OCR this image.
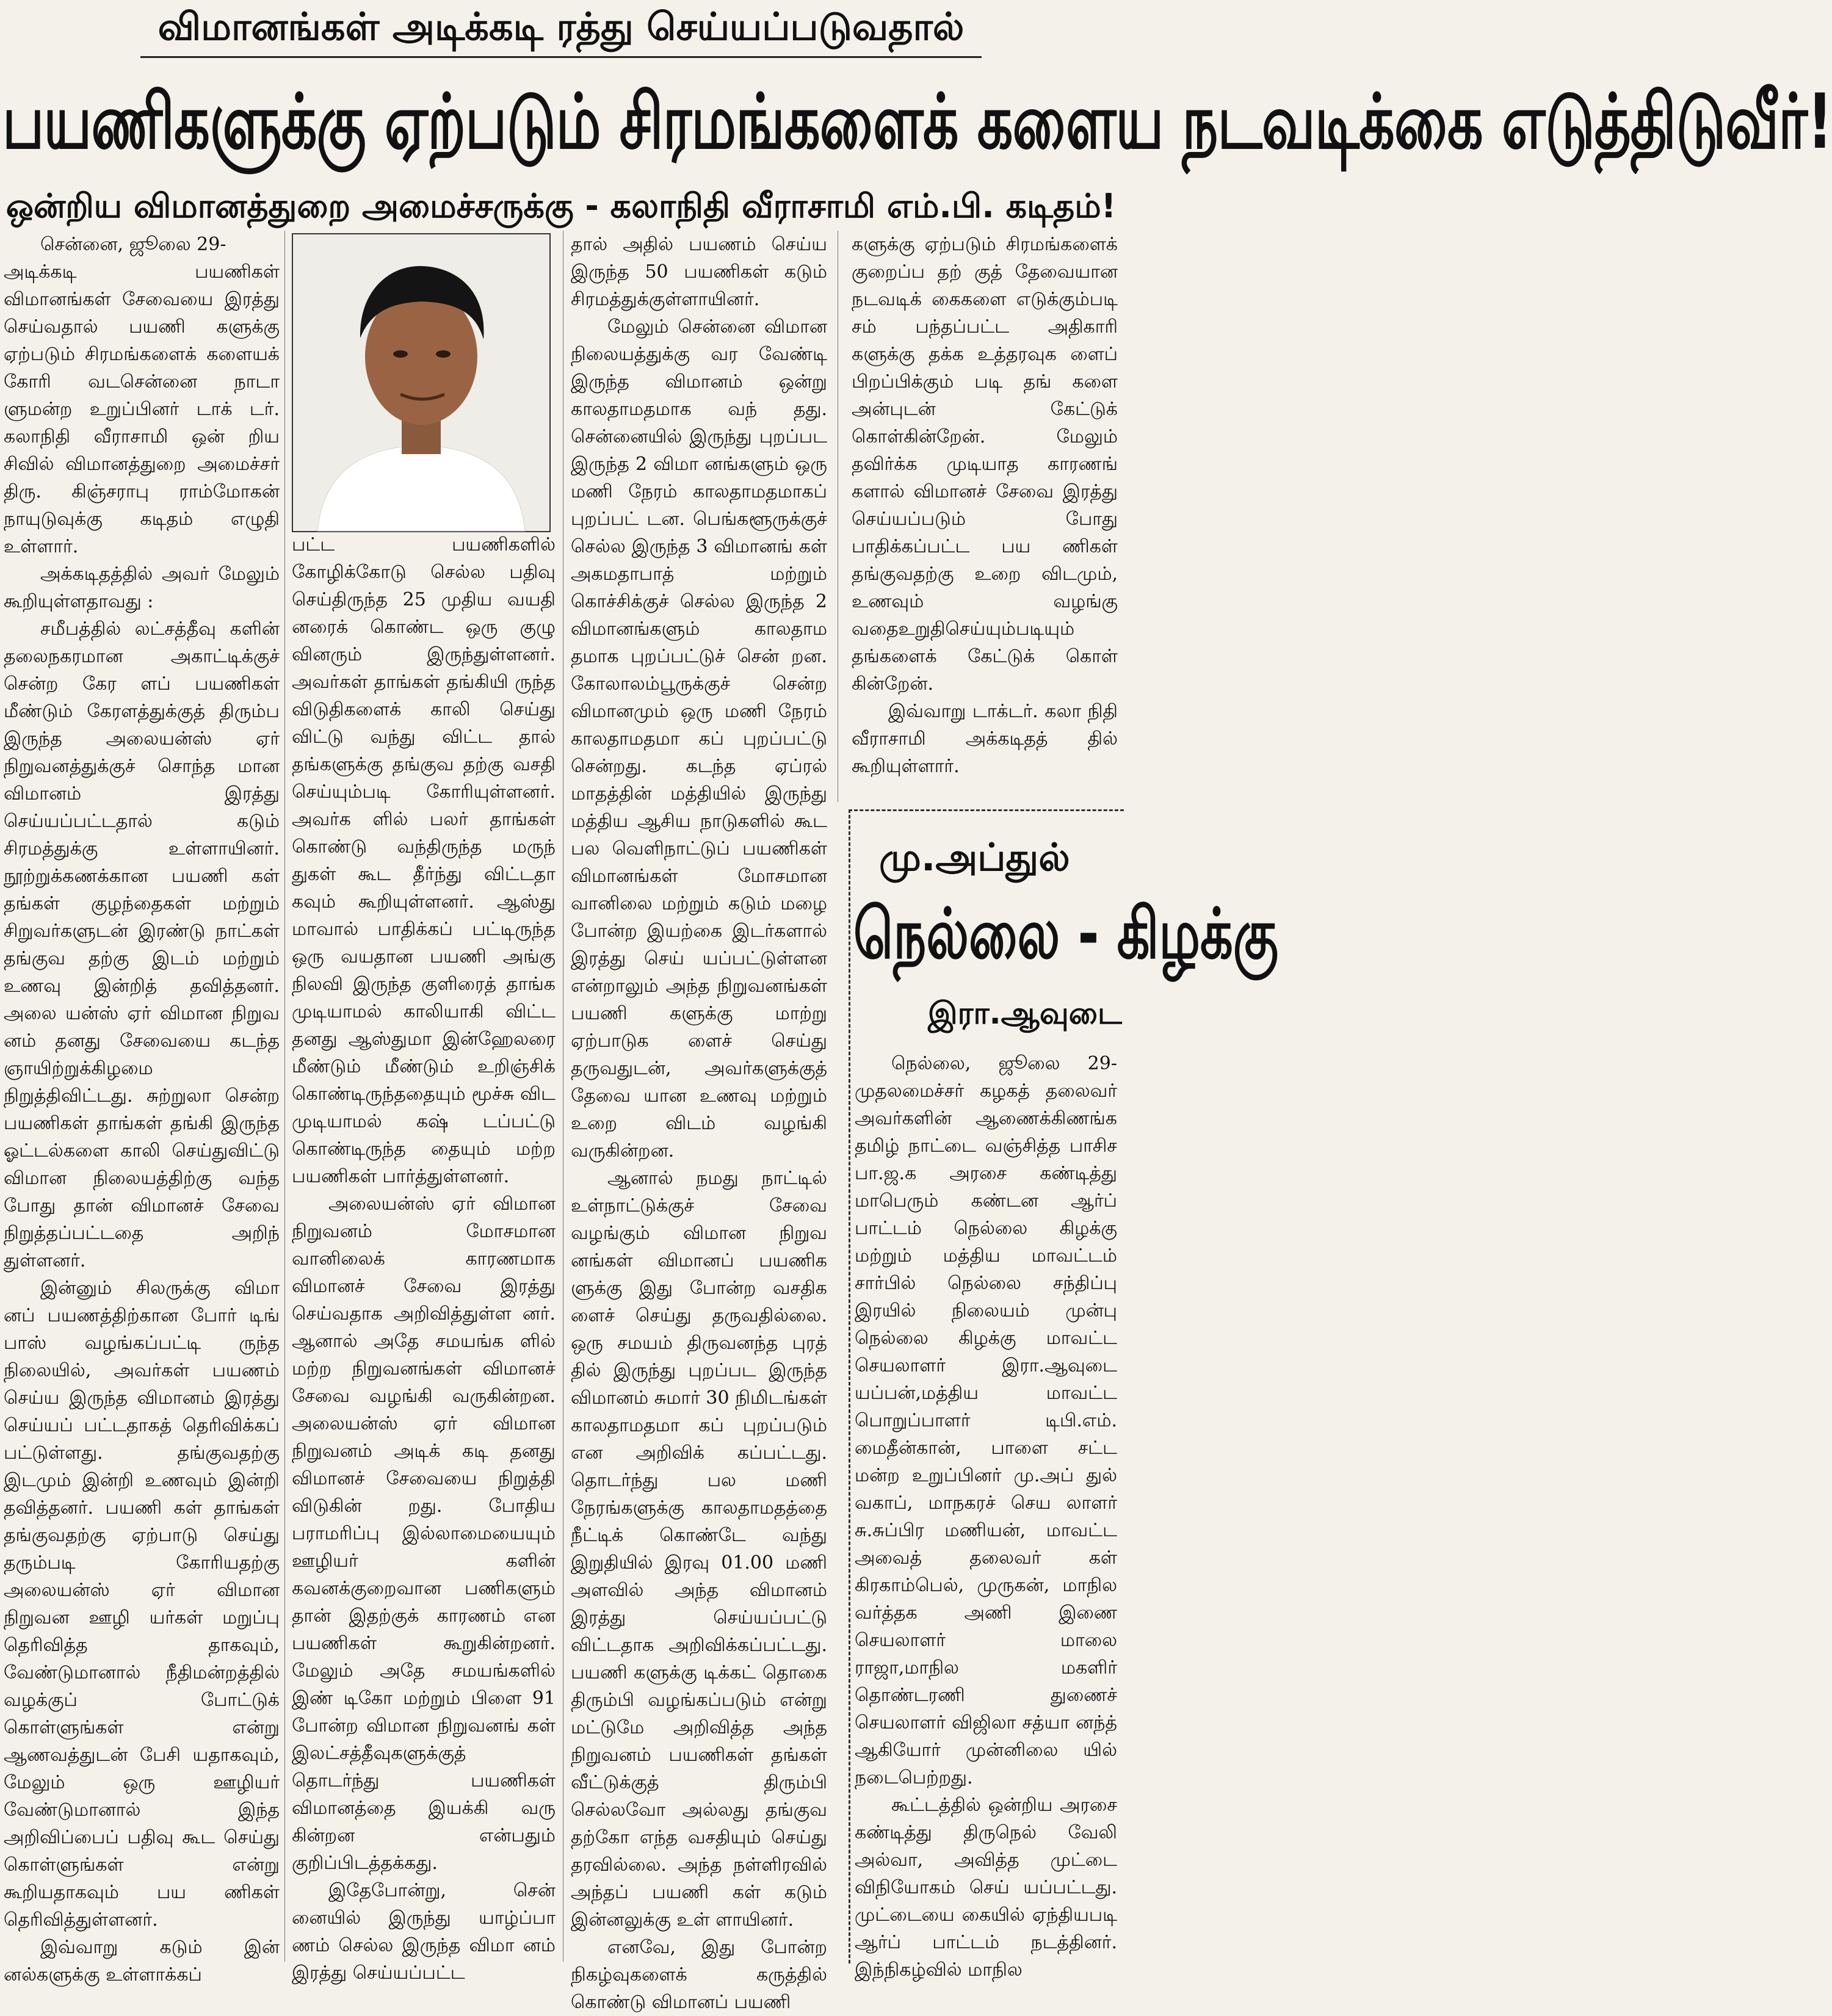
விமானங்கள் அடிக்கடி ரத்து செய்யப்படுவதால்
பயணிகளுக்கு ஏற்படும் சிரமங்களைக் களைய நடவடிக்கை எடுத்திடுவீர்!
ஒன்றிய விமானத்துறை அமைச்சருக்கு - கலாநிதி வீராசாமி எம்.பி. கடிதம்!

சென்னை, ஜூலை 29-

அடிக்கடி பயணிகள் விமானங்கள் சேவையை இரத்து செய்வதால் பயணி களுக்கு ஏற்படும் சிரமங்களைக் களையக் கோரி வடசென்னை நாடா ளுமன்ற உறுப்பினர் டாக் டர். கலாநிதி வீராசாமி ஒன் றிய சிவில் விமானத்துறை அமைச்சர் திரு. கிஞ்சராபு ராம்மோகன் நாயுடுவுக்கு கடிதம் எழுதி உள்ளார்.

அக்கடிதத்தில் அவர் மேலும் கூறியுள்ளதாவது :

சமீபத்தில் லட்சத்தீவு களின் தலைநகரமான அகாட்டிக்குச் சென்ற கேர ளப் பயணிகள் மீண்டும் கேரளத்துக்குத் திரும்ப இருந்த அலையன்ஸ் ஏர் நிறுவனத்துக்குச் சொந்த மான விமானம் இரத்து செய்யப்பட்டதால் கடும் சிரமத்துக்கு உள்ளாயினர். நூற்றுக்கணக்கான பயணி கள் தங்கள் குழந்தைகள் மற்றும் சிறுவர்களுடன் இரண்டு நாட்கள் தங்குவ தற்கு இடம் மற்றும் உணவு இன்றித் தவித்தனர். அலை யன்ஸ் ஏர் விமான நிறுவ னம் தனது சேவையை கடந்த ஞாயிற்றுக்கிழமை நிறுத்திவிட்டது. சுற்றுலா சென்ற பயணிகள் தாங்கள் தங்கி இருந்த ஓட்டல்களை காலி செய்துவிட்டு விமான நிலையத்திற்கு வந்த போது தான் விமானச் சேவை நிறுத்தப்பட்டதை அறிந் துள்ளனர்.

இன்னும் சிலருக்கு விமா னப் பயணத்திற்கான போர் டிங் பாஸ் வழங்கப்பட்டி ருந்த நிலையில், அவர்கள் பயணம் செய்ய இருந்த விமானம் இரத்து செய்யப் பட்டதாகத் தெரிவிக்கப் பட்டுள்ளது. தங்குவதற்கு இடமும் இன்றி உணவும் இன்றி தவித்தனர். பயணி கள் தாங்கள் தங்குவதற்கு ஏற்பாடு செய்து தரும்படி கோரியதற்கு அலையன்ஸ் ஏர் விமான நிறுவன ஊழி யர்கள் மறுப்பு தெரிவித்த தாகவும், வேண்டுமானால் நீதிமன்றத்தில் வழக்குப் போட்டுக் கொள்ளுங்கள் என்று ஆணவத்துடன் பேசி யதாகவும், மேலும் ஒரு ஊழியர் வேண்டுமானால் இந்த அறிவிப்பைப் பதிவு கூட செய்து கொள்ளுங்கள் என்று கூறியதாகவும் பய ணிகள் தெரிவித்துள்ளனர்.

இவ்வாறு கடும் இன் னல்களுக்கு உள்ளாக்கப்

பட்ட பயணிகளில் கோழிக்கோடு செல்ல பதிவு செய்திருந்த 25 முதிய வயதி னரைக் கொண்ட ஒரு குழு வினரும் இருந்துள்ளனர். அவர்கள் தாங்கள் தங்கியி ருந்த விடுதிகளைக் காலி செய்து விட்டு வந்து விட்ட தால் தங்களுக்கு தங்குவ தற்கு வசதி செய்யும்படி கோரியுள்ளனர். அவர்க ளில் பலர் தாங்கள் கொண்டு வந்திருந்த மருந் துகள் கூட தீர்ந்து விட்டதா கவும் கூறியுள்ளனர். ஆஸ்து மாவால் பாதிக்கப் பட்டிருந்த ஒரு வயதான பயணி அங்கு நிலவி இருந்த குளிரைத் தாங்க முடியாமல் காலியாகி விட்ட தனது ஆஸ்துமா இன்ஹேலரை மீண்டும் மீண்டும் உறிஞ்சிக் கொண்டிருந்ததையும் மூச்சு விட முடியாமல் கஷ் டப்பட்டு கொண்டிருந்த தையும் மற்ற பயணிகள் பார்த்துள்ளனர்.

அலையன்ஸ் ஏர் விமான நிறுவனம் மோசமான வானிலைக் காரணமாக விமானச் சேவை இரத்து செய்வதாக அறிவித்துள்ள னர். ஆனால் அதே சமயங்க ளில் மற்ற நிறுவனங்கள் விமானச் சேவை வழங்கி வருகின்றன. அலையன்ஸ் ஏர் விமான நிறுவனம் அடிக் கடி தனது விமானச் சேவையை நிறுத்தி விடுகின் றது. போதிய பராமரிப்பு இல்லாமையையும் ஊழியர் களின் கவனக்குறைவான பணிகளும் தான் இதற்குக் காரணம் என பயணிகள் கூறுகின்றனர். மேலும் அதே சமயங்களில் இண் டிகோ மற்றும் பிளை 91 போன்ற விமான நிறுவனங் கள் இலட்சத்தீவுகளுக்குத் தொடர்ந்து பயணிகள் விமானத்தை இயக்கி வரு கின்றன என்பதும் குறிப்பிடத்தக்கது.

இதேபோன்று, சென் னையில் இருந்து யாழ்ப்பா ணம் செல்ல இருந்த விமா னம் இரத்து செய்யப்பட்ட

தால் அதில் பயணம் செய்ய இருந்த 50 பயணிகள் கடும் சிரமத்துக்குள்ளாயினர்.

மேலும் சென்னை விமான நிலையத்துக்கு வர வேண்டி இருந்த விமானம் ஒன்று காலதாமதமாக வந் தது. சென்னையில் இருந்து புறப்பட இருந்த 2 விமா னங்களும் ஒரு மணி நேரம் காலதாமதமாகப் புறப்பட் டன. பெங்களூருக்குச் செல்ல இருந்த 3 விமானங் கள் அகமதாபாத் மற்றும் கொச்சிக்குச் செல்ல இருந்த 2 விமானங்களும் காலதாம தமாக புறப்பட்டுச் சென் றன. கோலாலம்பூருக்குச் சென்ற விமானமும் ஒரு மணி நேரம் காலதாமதமா கப் புறப்பட்டு சென்றது. கடந்த ஏப்ரல் மாதத்தின் மத்தியில் இருந்து மத்திய ஆசிய நாடுகளில் கூட பல வெளிநாட்டுப் பயணிகள் விமானங்கள் மோசமான வானிலை மற்றும் கடும் மழை போன்ற இயற்கை இடர்களால் இரத்து செய் யப்பட்டுள்ளன என்றாலும் அந்த நிறுவனங்கள் பயணி களுக்கு மாற்று ஏற்பாடுக ளைச் செய்து தருவதுடன், அவர்களுக்குத் தேவை யான உணவு மற்றும் உறை விடம் வழங்கி வருகின்றன.

ஆனால் நமது நாட்டில் உள்நாட்டுக்குச் சேவை வழங்கும் விமான நிறுவ னங்கள் விமானப் பயணிக ளுக்கு இது போன்ற வசதிக ளைச் செய்து தருவதில்லை. ஒரு சமயம் திருவனந்த புரத் தில் இருந்து புறப்பட இருந்த விமானம் சுமார் 30 நிமிடங்கள் காலதாமதமா கப் புறப்படும் என அறிவிக் கப்பட்டது. தொடர்ந்து பல மணி நேரங்களுக்கு காலதாமதத்தை நீட்டிக் கொண்டே வந்து இறுதியில் இரவு 01.00 மணி அளவில் அந்த விமானம் இரத்து செய்யப்பட்டு விட்டதாக அறிவிக்கப்பட்டது. பயணி களுக்கு டிக்கட் தொகை திரும்பி வழங்கப்படும் என்று மட்டுமே அறிவித்த அந்த நிறுவனம் பயணிகள் தங்கள் வீட்டுக்குத் திரும்பி செல்லவோ அல்லது தங்குவ தற்கோ எந்த வசதியும் செய்து தரவில்லை. அந்த நள்ளிரவில் அந்தப் பயணி கள் கடும் இன்னலுக்கு உள் ளாயினர்.

எனவே, இது போன்ற நிகழ்வுகளைக் கருத்தில் கொண்டு விமானப் பயணி

களுக்கு ஏற்படும் சிரமங்களைக் குறைப்ப தற் குத் தேவையான நடவடிக் கைகளை எடுக்கும்படி சம் பந்தப்பட்ட அதிகாரி களுக்கு தக்க உத்தரவுக ளைப் பிறப்பிக்கும் படி தங் களை அன்புடன் கேட்டுக் கொள்கின்றேன். மேலும் தவிர்க்க முடியாத காரணங் களால் விமானச் சேவை இரத்து செய்யப்படும் போது பாதிக்கப்பட்ட பய ணிகள் தங்குவதற்கு உறை விடமும், உணவும் வழங்கு வதைஉறுதிசெய்யும்படியும் தங்களைக் கேட்டுக் கொள் கின்றேன்.

இவ்வாறு டாக்டர். கலா நிதி வீராசாமி அக்கடிதத் தில் கூறியுள்ளார்.

மு.அப்துல்
நெல்லை - கிழக்கு
இரா.ஆவுடை

நெல்லை, ஜூலை 29- முதலமைச்சர் கழகத் தலைவர் அவர்களின் ஆணைக்கிணங்க தமிழ் நாட்டை வஞ்சித்த பாசிச பா.ஜ.க அரசை கண்டித்து மாபெரும் கண்டன ஆர்ப் பாட்டம் நெல்லை கிழக்கு மற்றும் மத்திய மாவட்டம் சார்பில் நெல்லை சந்திப்பு இரயில் நிலையம் முன்பு நெல்லை கிழக்கு மாவட்ட செயலாளர் இரா.ஆவுடை யப்பன்,மத்திய மாவட்ட பொறுப்பாளர் டிபி.எம். மைதீன்கான், பாளை சட்ட மன்ற உறுப்பினர் மு.அப் துல் வகாப், மாநகரச் செய லாளர் சு.சுப்பிர மணியன், மாவட்ட அவைத் தலைவர் கள் கிரகாம்பெல், முருகன், மாநில வர்த்தக அணி இணை செயலாளர் மாலை ராஜா,மாநில மகளிர் தொண்டரணி துணைச் செயலாளர் விஜிலா சத்யா னந்த் ஆகியோர் முன்னிலை யில் நடைபெற்றது.

கூட்டத்தில் ஒன்றிய அரசை கண்டித்து திருநெல் வேலி அல்வா, அவித்த முட்டை விநியோகம் செய் யப்பட்டது. முட்டையை கையில் ஏந்தியபடி ஆர்ப் பாட்டம் நடத்தினர். இந்நிகழ்வில் மாநில
